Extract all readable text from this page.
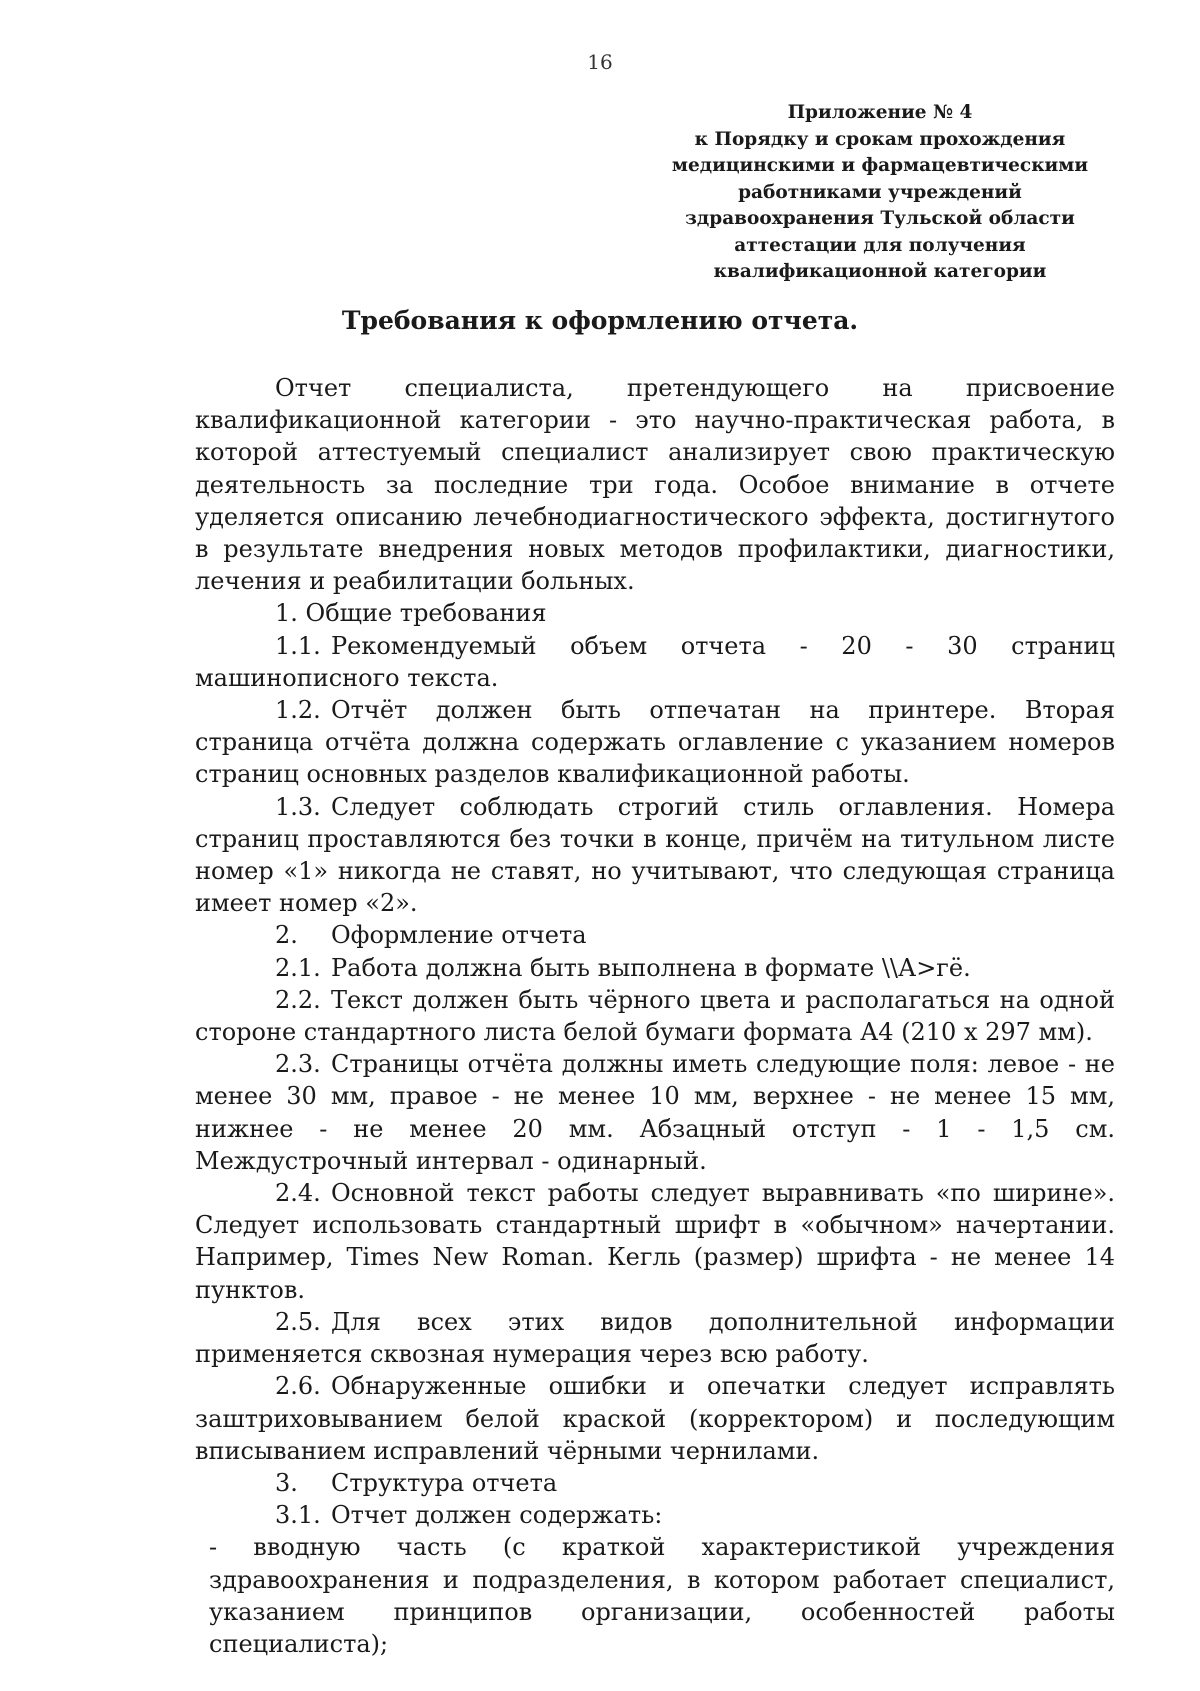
16
Приложение № 4
к Порядку и срокам прохождения
медицинскими и фармацевтическими
работниками учреждений
здравоохранения Тульской области
аттестации для получения
квалификационной категории
Требования к оформлению отчета.

Отчет специалиста, претендующего на присвоение квалификационной категории - это научно-практическая работа, в которой аттестуемый специалист анализирует свою практическую деятельность за последние три года. Особое внимание в отчете уделяется описанию лечебнодиагностического эффекта, достигнутого в результате внедрения новых методов профилактики, диагностики, лечения и реабилитации больных.

1. Общие требования

1.1. Рекомендуемый объем отчета - 20 - 30 страниц машинописного текста.

1.2. Отчёт должен быть отпечатан на принтере. Вторая страница отчёта должна содержать оглавление с указанием номеров страниц основных разделов квалификационной работы.

1.3. Следует соблюдать строгий стиль оглавления. Номера страниц проставляются без точки в конце, причём на титульном листе номер «1» никогда не ставят, но учитывают, что следующая страница имеет номер «2».

2. Оформление отчета

2.1. Работа должна быть выполнена в формате \\А>гё.

2.2. Текст должен быть чёрного цвета и располагаться на одной стороне стандартного листа белой бумаги формата А4 (210 х 297 мм).

2.3. Страницы отчёта должны иметь следующие поля: левое - не менее 30 мм, правое - не менее 10 мм, верхнее - не менее 15 мм, нижнее - не менее 20 мм. Абзацный отступ - 1 - 1,5 см. Междустрочный интервал - одинарный.

2.4. Основной текст работы следует выравнивать «по ширине». Следует использовать стандартный шрифт в «обычном» начертании. Например, Times New Roman. Кегль (размер) шрифта - не менее 14 пунктов.

2.5. Для всех этих видов дополнительной информации применяется сквозная нумерация через всю работу.

2.6. Обнаруженные ошибки и опечатки следует исправлять заштриховыванием белой краской (корректором) и последующим вписыванием исправлений чёрными чернилами.

3. Структура отчета

3.1. Отчет должен содержать:

- вводную часть (с краткой характеристикой учреждения здравоохранения и подразделения, в котором работает специалист, указанием принципов организации, особенностей работы специалиста);
